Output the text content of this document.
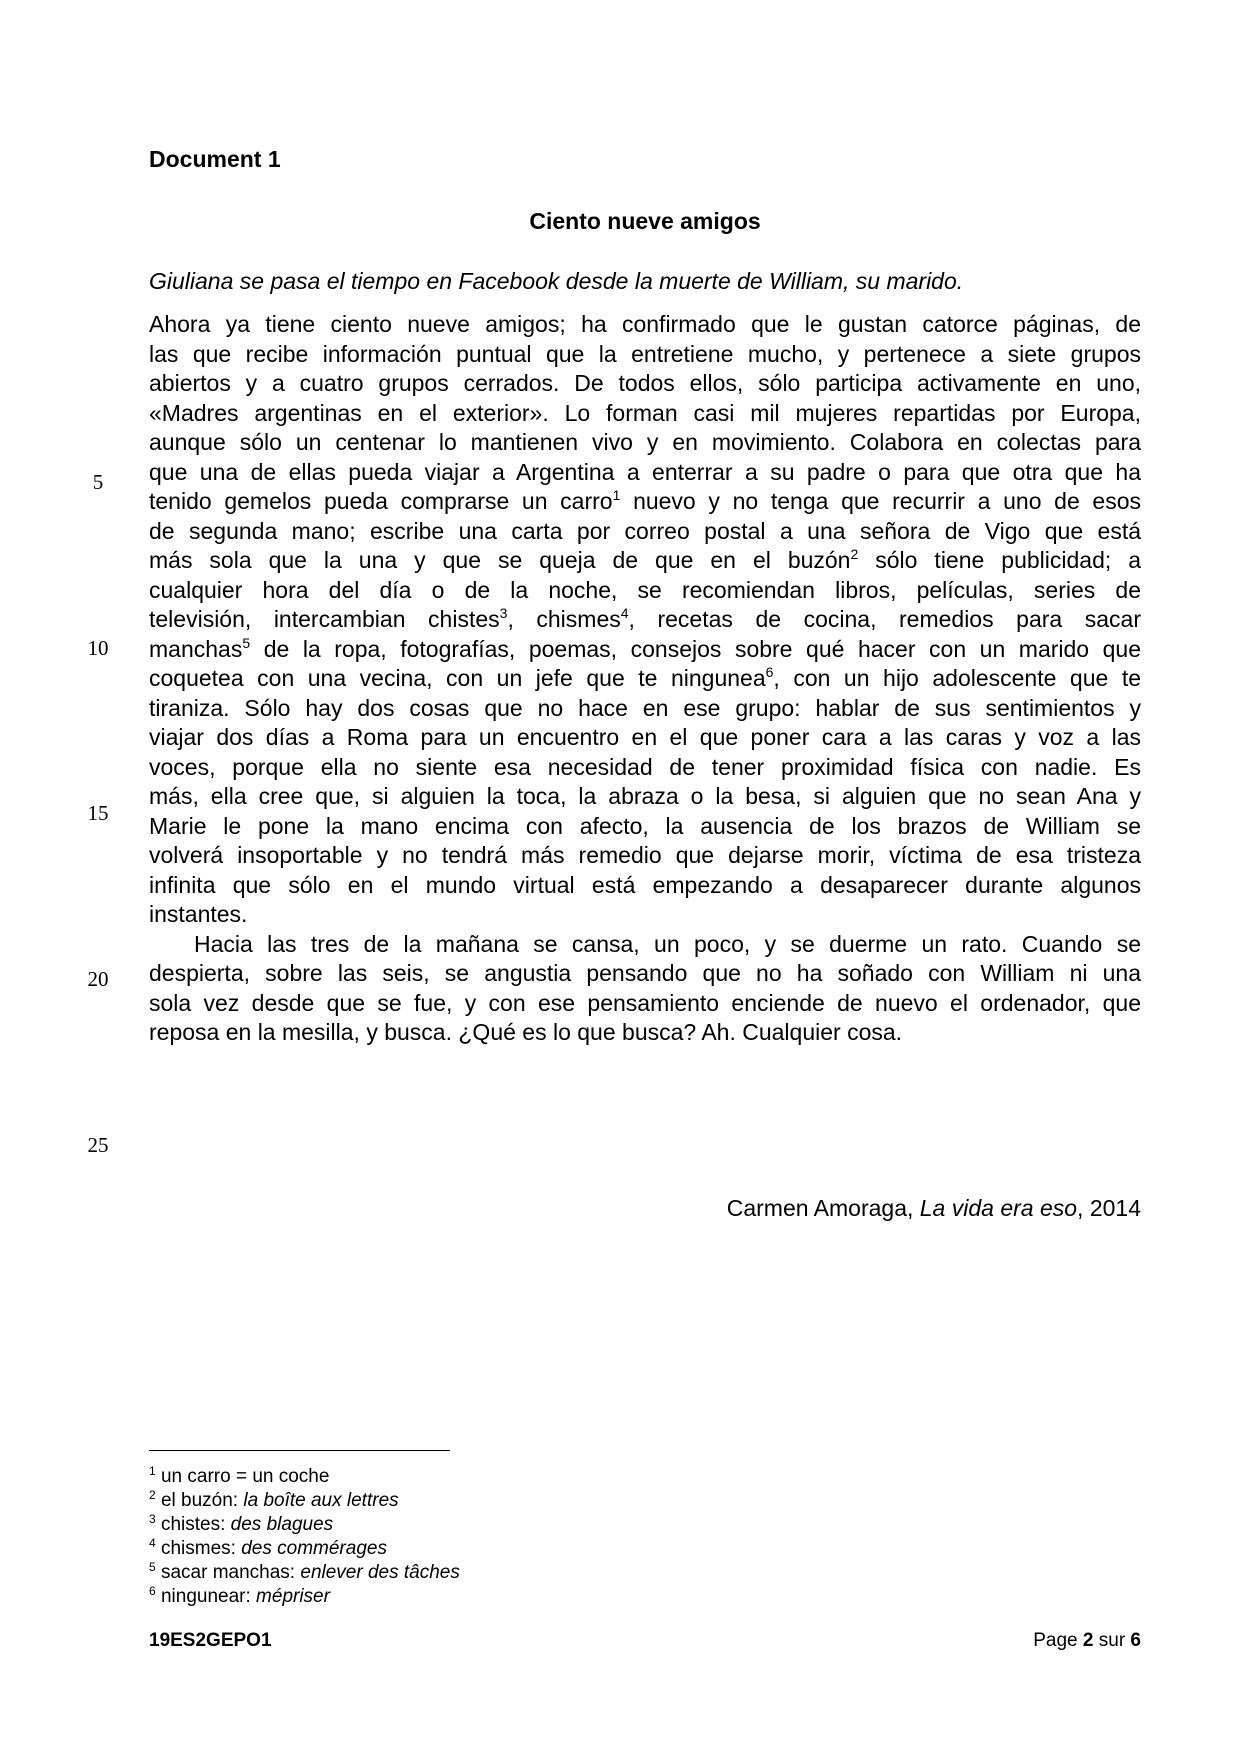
Document 1
Ciento nueve amigos
Giuliana se pasa el tiempo en Facebook desde la muerte de William, su marido.
Ahora ya tiene ciento nueve amigos; ha confirmado que le gustan catorce páginas, de
las que recibe información puntual que la entretiene mucho, y pertenece a siete grupos
abiertos y a cuatro grupos cerrados. De todos ellos, sólo participa activamente en uno,
«Madres argentinas en el exterior». Lo forman casi mil mujeres repartidas por Europa,
aunque sólo un centenar lo mantienen vivo y en movimiento. Colabora en colectas para
que una de ellas pueda viajar a Argentina a enterrar a su padre o para que otra que ha
tenido gemelos pueda comprarse un carro$^1$ nuevo y no tenga que recurrir a uno de esos
de segunda mano; escribe una carta por correo postal a una señora de Vigo que está
más sola que la una y que se queja de que en el buzón$^2$ sólo tiene publicidad; a
cualquier hora del día o de la noche, se recomiendan libros, películas, series de
televisión, intercambian chistes$^3$, chismes$^4$, recetas de cocina, remedios para sacar
manchas$^5$ de la ropa, fotografías, poemas, consejos sobre qué hacer con un marido que
coquetea con una vecina, con un jefe que te ningunea$^6$, con un hijo adolescente que te
tiraniza. Sólo hay dos cosas que no hace en ese grupo: hablar de sus sentimientos y
viajar dos días a Roma para un encuentro en el que poner cara a las caras y voz a las
voces, porque ella no siente esa necesidad de tener proximidad física con nadie. Es
más, ella cree que, si alguien la toca, la abraza o la besa, si alguien que no sean Ana y
Marie le pone la mano encima con afecto, la ausencia de los brazos de William se
volverá insoportable y no tendrá más remedio que dejarse morir, víctima de esa tristeza
infinita que sólo en el mundo virtual está empezando a desaparecer durante algunos
instantes.
Hacia las tres de la mañana se cansa, un poco, y se duerme un rato. Cuando se
despierta, sobre las seis, se angustia pensando que no ha soñado con William ni una
sola vez desde que se fue, y con ese pensamiento enciende de nuevo el ordenador, que
reposa en la mesilla, y busca. ¿Qué es lo que busca? Ah. Cualquier cosa.
5
10
15
20
25
Carmen Amoraga, La vida era eso, 2014
$^1$ un carro = un coche
$^2$ el buzón: la boîte aux lettres
$^3$ chistes: des blagues
$^4$ chismes: des commérages
$^5$ sacar manchas: enlever des tâches
$^6$ ningunear: mépriser
19ES2GEPO1	Page 2 sur 6
